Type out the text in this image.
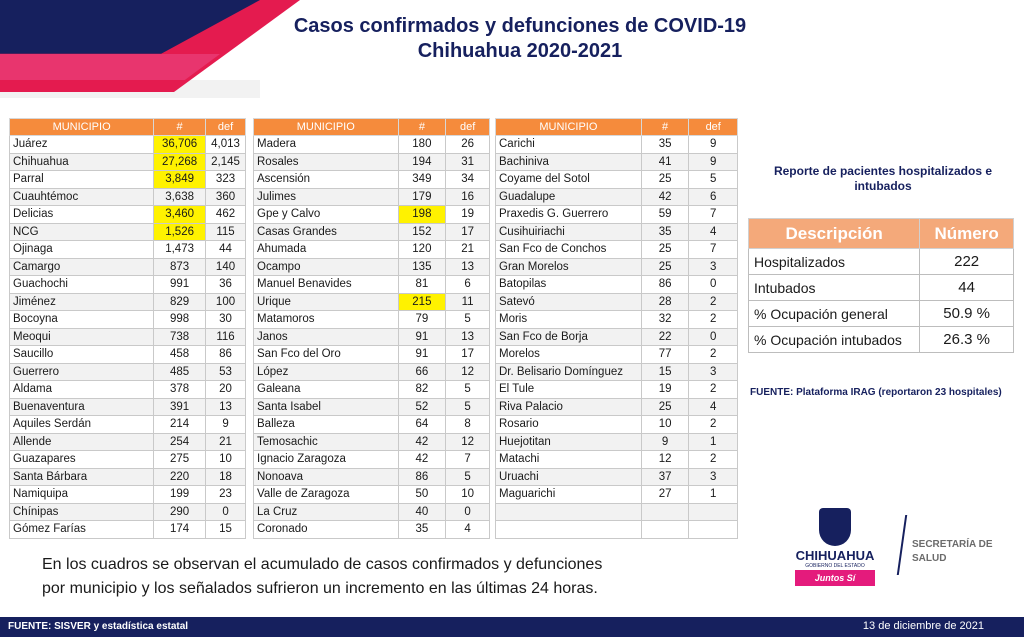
Casos confirmados y defunciones de COVID-19
Chihuahua 2020-2021
MUNICIPIO	#	def
Juárez	36,706	4,013
Chihuahua	27,268	2,145
Parral	3,849	323
Cuauhtémoc	3,638	360
Delicias	3,460	462
NCG	1,526	115
Ojinaga	1,473	44
Camargo	873	140
Guachochi	991	36
Jiménez	829	100
Bocoyna	998	30
Meoqui	738	116
Saucillo	458	86
Guerrero	485	53
Aldama	378	20
Buenaventura	391	13
Aquiles Serdán	214	9
Allende	254	21
Guazapares	275	10
Santa Bárbara	220	18
Namiquipa	199	23
Chínipas	290	0
Gómez Farías	174	15
MUNICIPIO	#	def
Madera	180	26
Rosales	194	31
Ascensión	349	34
Julimes	179	16
Gpe y Calvo	198	19
Casas Grandes	152	17
Ahumada	120	21
Ocampo	135	13
Manuel Benavides	81	6
Urique	215	11
Matamoros	79	5
Janos	91	13
San Fco del Oro	91	17
López	66	12
Galeana	82	5
Santa Isabel	52	5
Balleza	64	8
Temosachic	42	12
Ignacio Zaragoza	42	7
Nonoava	86	5
Valle de Zaragoza	50	10
La Cruz	40	0
Coronado	35	4
MUNICIPIO	#	def
Carichi	35	9
Bachiniva	41	9
Coyame del Sotol	25	5
Guadalupe	42	6
Praxedis G. Guerrero	59	7
Cusihuiriachi	35	4
San Fco de Conchos	25	7
Gran Morelos	25	3
Batopilas	86	0
Satevó	28	2
Moris	32	2
San Fco de Borja	22	0
Morelos	77	2
Dr. Belisario Domínguez	15	3
El Tule	19	2
Riva Palacio	25	4
Rosario	10	2
Huejotitan	9	1
Matachi	12	2
Uruachi	37	3
Maguarichi	27	1

Reporte de pacientes hospitalizados e intubados
Descripción	Número
Hospitalizados	222
Intubados	44
% Ocupación general	50.9 %
% Ocupación intubados	26.3 %
FUENTE: Plataforma IRAG (reportaron 23 hospitales)
En los cuadros se observan el acumulado de casos confirmados y defunciones
por municipio y los señalados sufrieron un incremento en las últimas 24 horas.
CHIHUAHUA
GOBIERNO DEL ESTADO
Juntos Sí podemos
SECRETARÍA DE
SALUD
FUENTE: SISVER y estadística estatal	13 de diciembre de 2021
